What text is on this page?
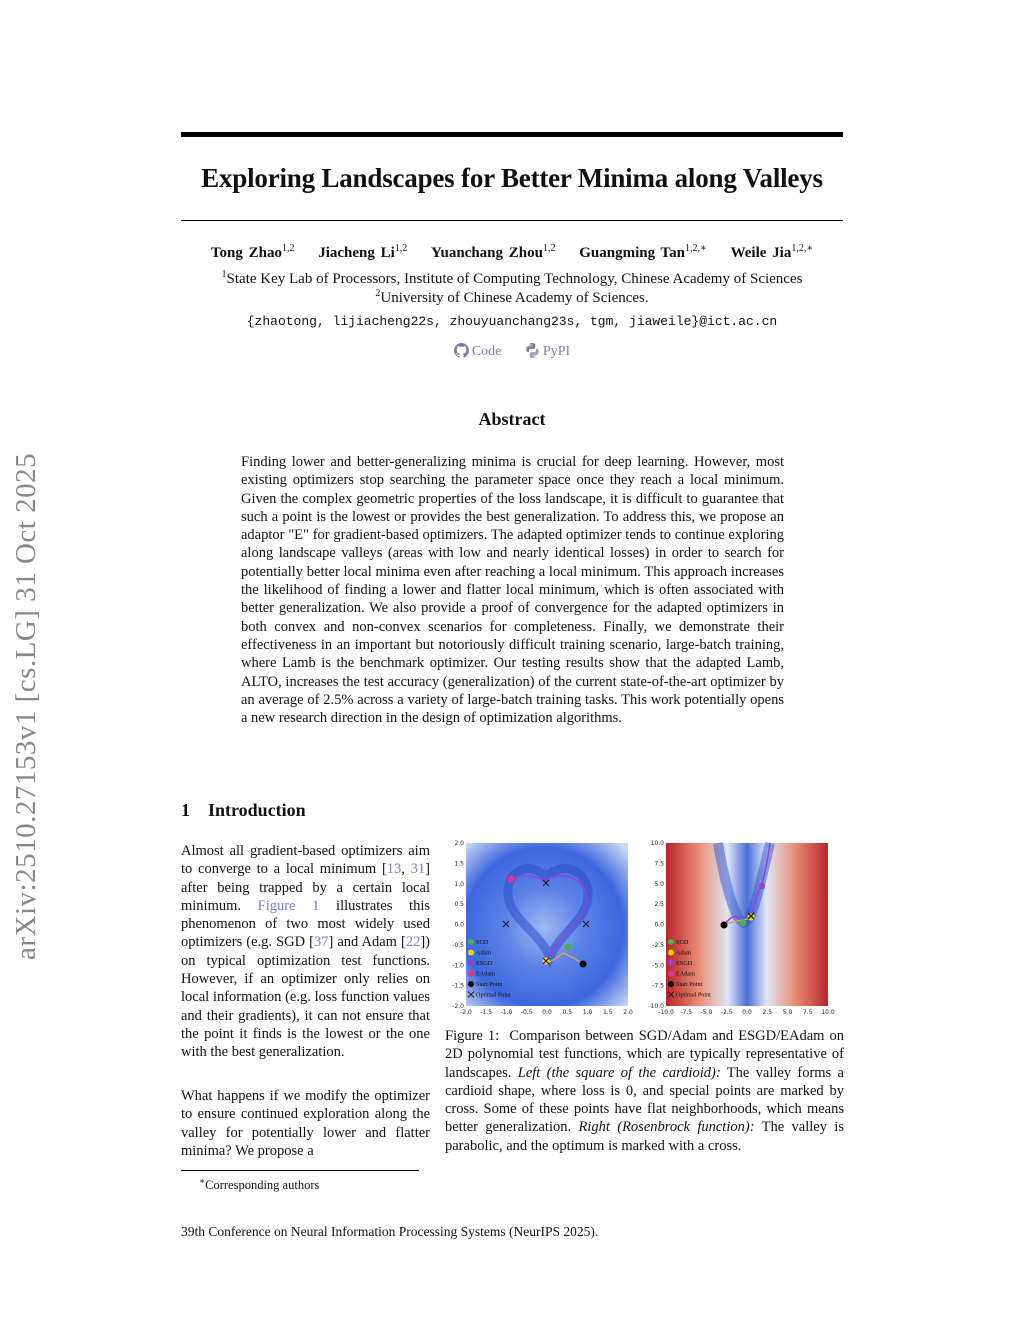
arXiv:2510.27153v1 [cs.LG] 31 Oct 2025
Exploring Landscapes for Better Minima along Valleys
Tong Zhao$^{1,2}$ Jiacheng Li$^{1,2}$ Yuanchang Zhou$^{1,2}$ Guangming Tan$^{1,2,∗}$ Weile Jia$^{1,2,∗}$
$^1$State Key Lab of Processors, Institute of Computing Technology, Chinese Academy of Sciences
$^2$University of Chinese Academy of Sciences.
{zhaotong, lijiacheng22s, zhouyuanchang23s, tgm, jiaweile}@ict.ac.cn
Code	PyPI
Abstract
Finding lower and better-generalizing minima is crucial for deep learning. However, most existing optimizers stop searching the parameter space once they reach a local minimum. Given the complex geometric properties of the loss landscape, it is difficult to guarantee that such a point is the lowest or provides the best generalization. To address this, we propose an adaptor "E" for gradient-based optimizers. The adapted optimizer tends to continue exploring along landscape valleys (areas with low and nearly identical losses) in order to search for potentially better local minima even after reaching a local minimum. This approach increases the likelihood of finding a lower and flatter local minimum, which is often associated with better generalization. We also provide a proof of convergence for the adapted optimizers in both convex and non-convex scenarios for completeness. Finally, we demonstrate their effectiveness in an important but notoriously difficult training scenario, large-batch training, where Lamb is the benchmark optimizer. Our testing results show that the adapted Lamb, ALTO, increases the test accuracy (generalization) of the current state-of-the-art optimizer by an average of 2.5% across a variety of large-batch training tasks. This work potentially opens a new research direction in the design of optimization algorithms.
1 Introduction
Almost all gradient-based optimizers aim to converge to a local minimum [13, 31] after being trapped by a certain local minimum. Figure 1 illustrates this phenomenon of two most widely used optimizers (e.g. SGD [37] and Adam [22]) on typical optimization test functions. However, if an optimizer only relies on local information (e.g. loss function values and their gradients), it can not ensure that the point it finds is the lowest or the one with the best generalization.
What happens if we modify the optimizer to ensure continued exploration along the valley for potentially lower and flatter minima? We propose a
∗Corresponding authors
39th Conference on Neural Information Processing Systems (NeurIPS 2025).
-2.0 -1.5 -1.0 -0.5 0.0 0.5 1.0 1.5 2.0
2.0
1.5
1.0
0.5
0.0
-0.5
-1.0
-1.5
-2.0
SGD
Adam
ESGD
EAdam
Start Point
Optimal Point
-10.0 -7.5 -5.0 -2.5 0.0 2.5 5.0 7.5 10.0
10.0
7.5
5.0
2.5
0.0
-2.5
-5.0
-7.5
-10.0
SGD
Adam
ESGD
EAdam
Start Point
Optimal Point
Figure 1: Comparison between SGD/Adam and ESGD/EAdam on 2D polynomial test functions, which are typically representative of landscapes. Left (the square of the cardioid): The valley forms a cardioid shape, where loss is 0, and special points are marked by cross. Some of these points have flat neighborhoods, which means better generalization. Right (Rosenbrock function): The valley is parabolic, and the optimum is marked with a cross.
